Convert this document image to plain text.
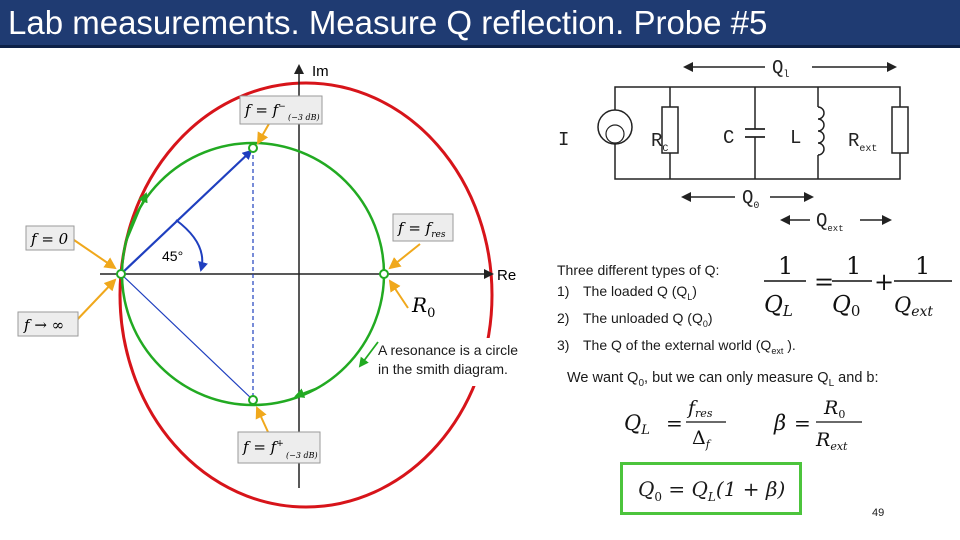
Lab measurements. Measure Q reflection. Probe #5
Re
Im
45°
$R_0$
f = 0
f → ∞
$f = f_{res}$
f = f−(−3 dB)
f = f+(−3 dB)
A resonance is a circle
in the smith diagram.
$Q_l$
I	$R_C$
C	L $R_{ext}$
$Q_0$
$Q_{ext}$
Three different types of Q:
1) The loaded Q $(Q_L)$
2) The unloaded Q $(Q_0)$
3) The Q of the external world ($Q_{ext}$ ).
1
QL
=
1
Q0
+
1
Qext
We want $Q_0$, but we can only measure $Q_L$ and b:
QL =
fres
$\Delta_f$
β =
$R_0$
$R_{ext}$
$Q_0 = Q_L(1 + \beta)$
49
